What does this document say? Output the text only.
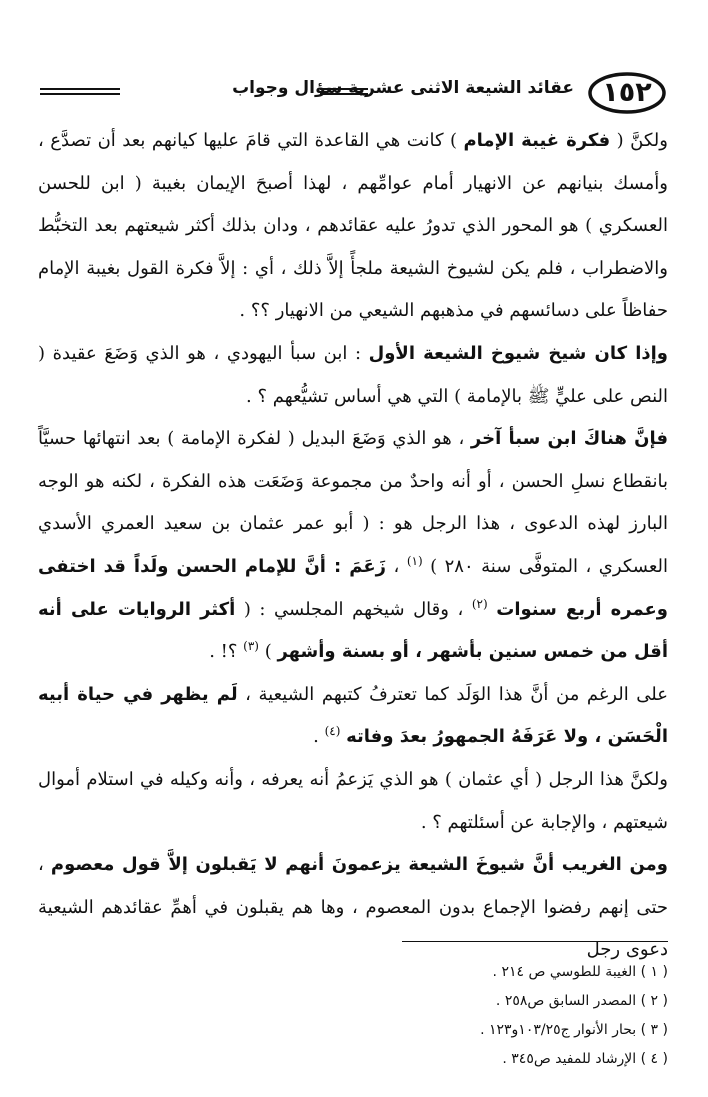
عقائد الشيعة الاثنى عشرية سؤال وجواب	١٥٢

ولكنَّ ( فكرة غيبة الإمام ) كانت هي القاعدة التي قامَ عليها كيانهم بعد أن تصدَّع ، وأمسك بنيانهم عن الانهيار أمام عوامِّهم ، لهذا أصبحَ الإيمان بغيبة ( ابن للحسن العسكري ) هو المحور الذي تدورُ عليه عقائدهم ، ودان بذلك أكثر شيعتهم بعد التخبُّط والاضطراب ، فلم يكن لشيوخ الشيعة ملجأً إلاَّ ذلك ، أي : إلاَّ فكرة القول بغيبة الإمام حفاظاً على دسائسهم في مذهبهم الشيعي من الانهيار ؟؟ .

وإذا كان شيخ شيوخ الشيعة الأول : ابن سبأ اليهودي ، هو الذي وَضَعَ عقيدة ( النص على عليٍّ ﷺ بالإمامة ) التي هي أساس تشيُّعهم ؟ .

فإنَّ هناكَ ابن سبأ آخر ، هو الذي وَضَعَ البديل ( لفكرة الإمامة ) بعد انتهائها حسيَّاً بانقطاع نسلِ الحسن ، أو أنه واحدٌ من مجموعة وَضَعَت هذه الفكرة ، لكنه هو الوجه البارز لهذه الدعوى ، هذا الرجل هو : ( أبو عمر عثمان بن سعيد العمري الأسدي العسكري ، المتوفَّى سنة ٢٨٠ ) $^{(١)}$ ، زَعَمَ : أنَّ للإمام الحسن ولَداً قد اختفى وعمره أربع سنوات $^{(٢)}$ ، وقال شيخهم المجلسي : ( أكثر الروايات على أنه أقل من خمس سنين بأشهر ، أو بسنة وأشهر ) $^{(٣)}$ ؟! .

على الرغم من أنَّ هذا الوَلَد كما تعترفُ كتبهم الشيعية ، لَم يظهر في حياة أبيه الْحَسَن ، ولا عَرَفَهُ الجمهورُ بعدَ وفاته $^{(٤)}$ .

ولكنَّ هذا الرجل ( أي عثمان ) هو الذي يَزعمُ أنه يعرفه ، وأنه وكيله في استلام أموال شيعتهم ، والإجابة عن أسئلتهم ؟ .

ومن الغريب أنَّ شيوخَ الشيعة يزعمونَ أنهم لا يَقبلون إلاَّ قول معصوم ، حتى إنهم رفضوا الإجماع بدون المعصوم ، وها هم يقبلون في أهمِّ عقائدهم الشيعية دعوى رجل

( ١ ) الغيبة للطوسي ص ٢١٤ .
( ٢ ) المصدر السابق ص٢٥٨ .
( ٣ ) بحار الأنوار ج١٠٣/٢٥و١٢٣ .
( ٤ ) الإرشاد للمفيد ص٣٤٥ .
